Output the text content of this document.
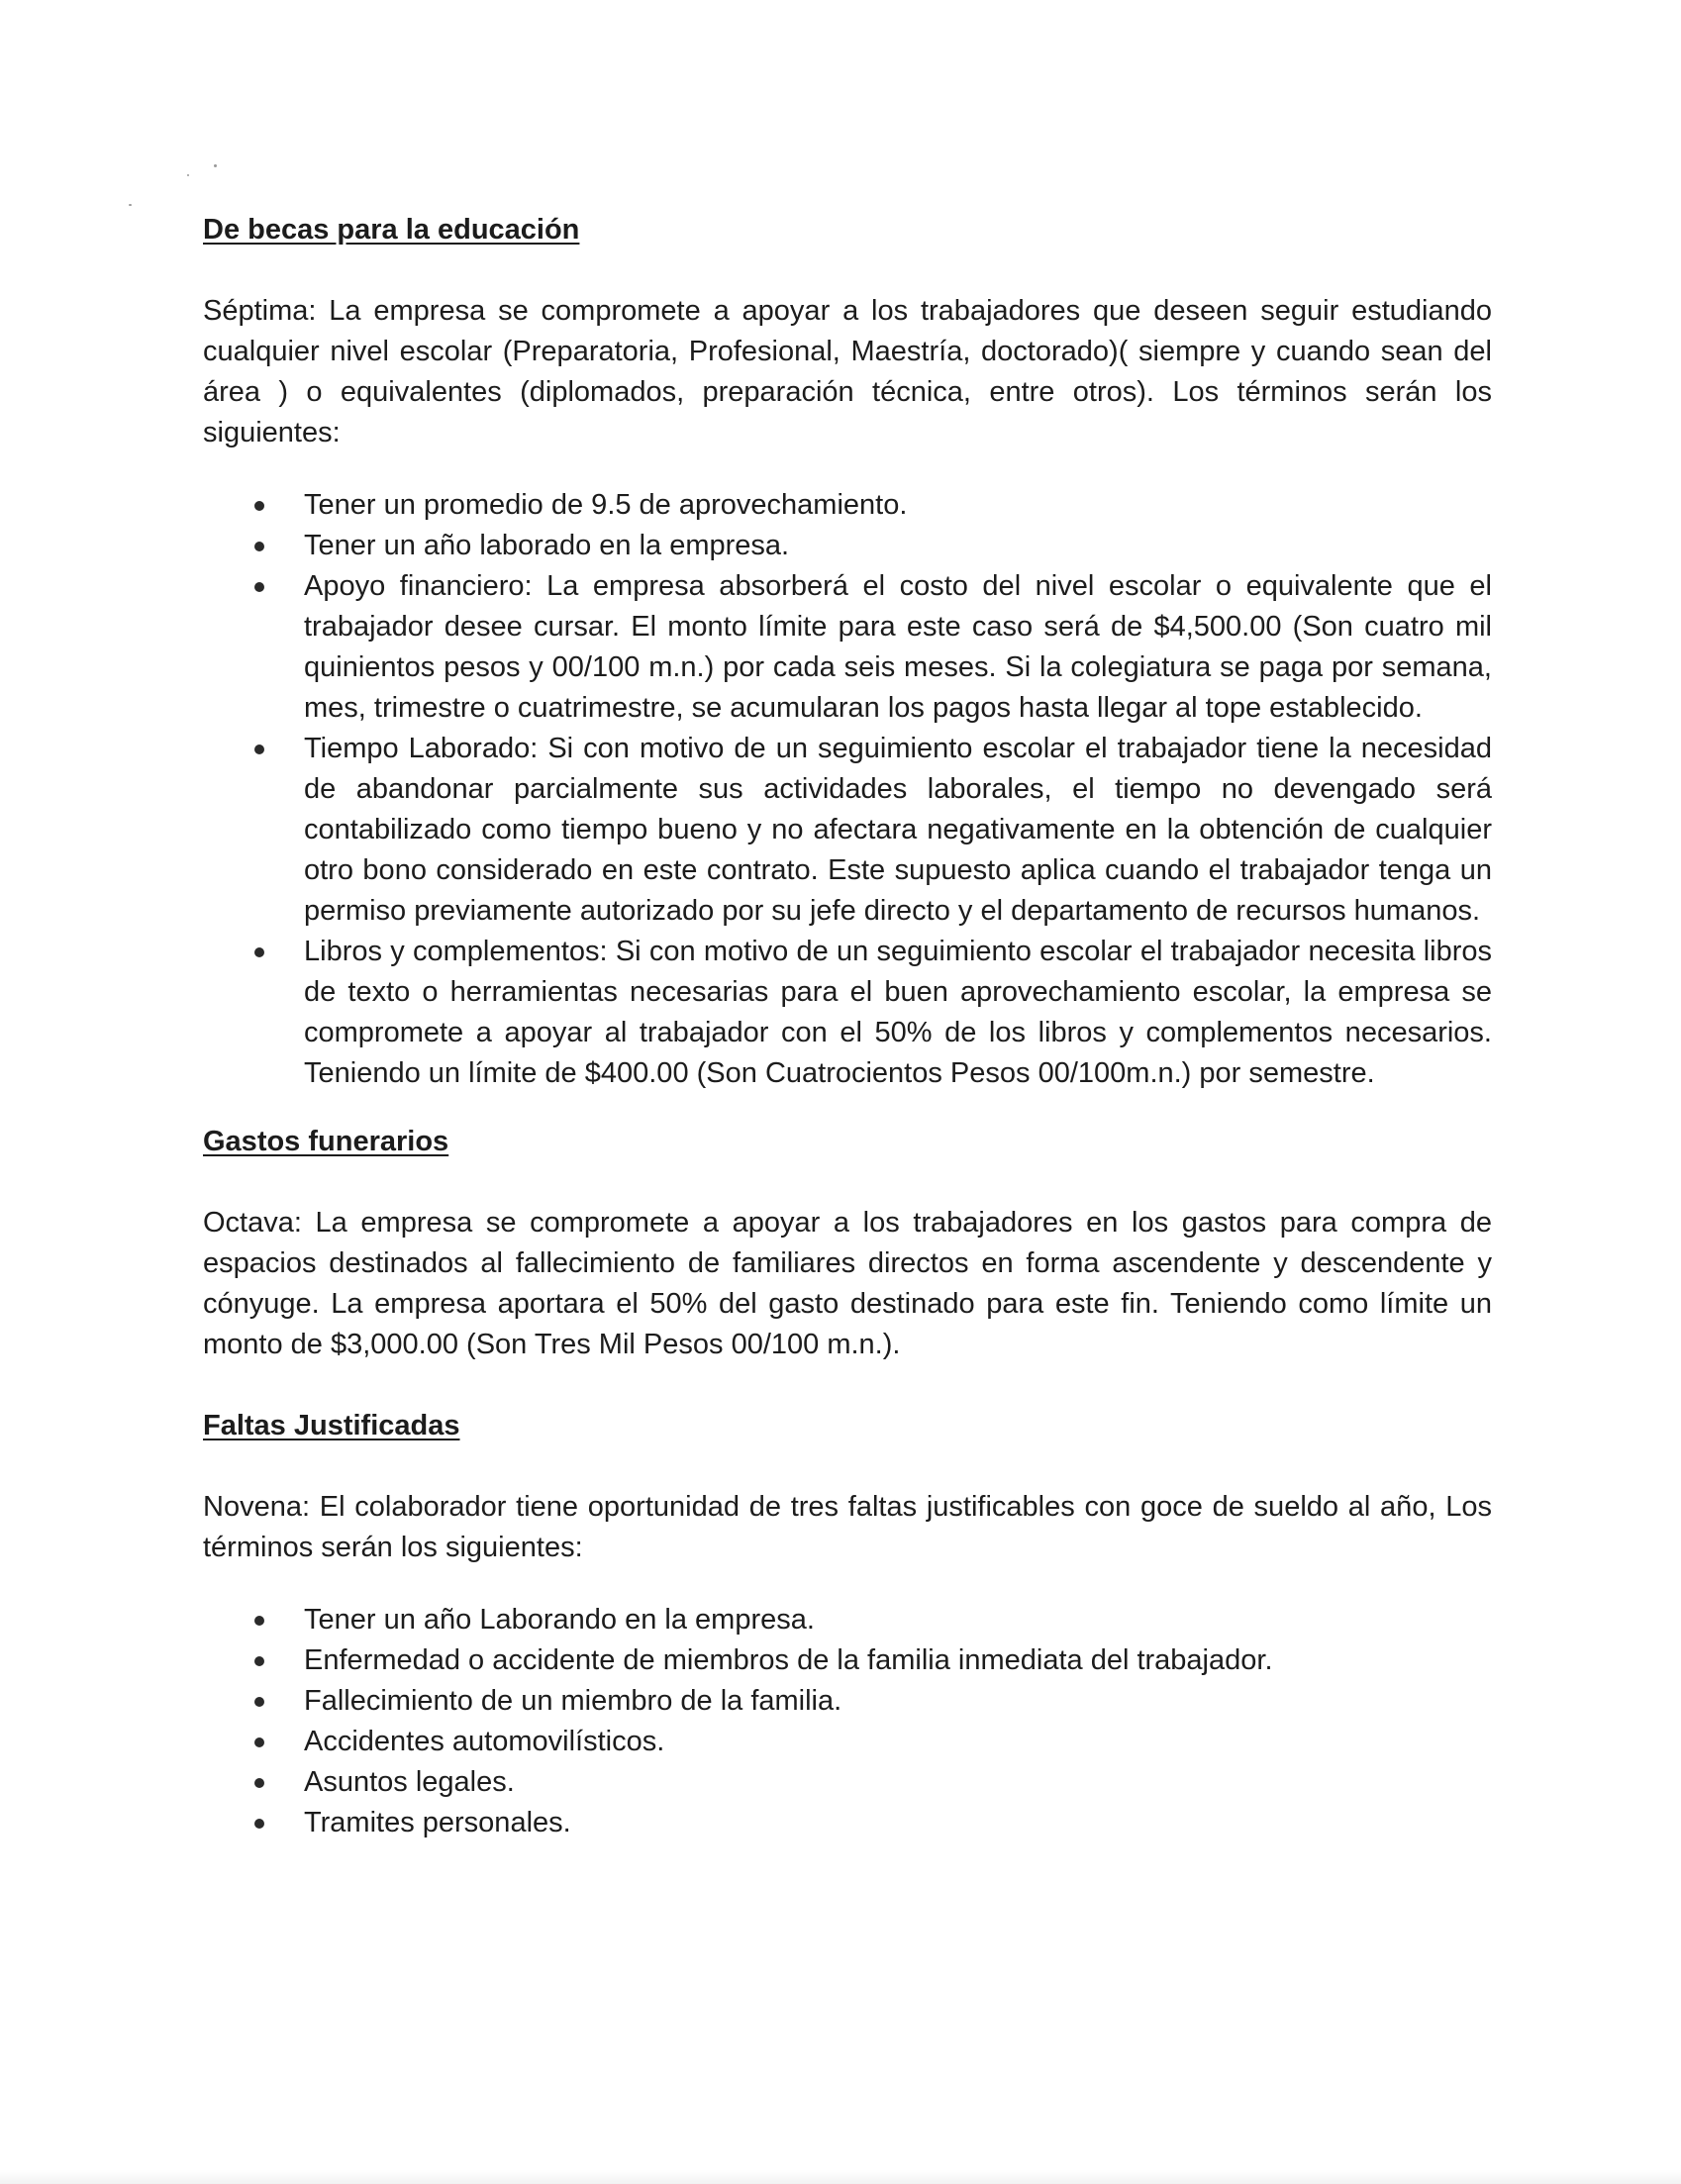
De becas para la educación

Séptima: La empresa se compromete a apoyar a los trabajadores que deseen seguir estudiando cualquier nivel escolar (Preparatoria, Profesional, Maestría, doctorado)( siempre y cuando sean del área ) o equivalentes (diplomados, preparación técnica, entre otros). Los términos serán los siguientes:

Tener un promedio de 9.5 de aprovechamiento.
Tener un año laborado en la empresa.
Apoyo financiero: La empresa absorberá el costo del nivel escolar o equivalente que el trabajador desee cursar. El monto límite para este caso será de $4,500.00 (Son cuatro mil quinientos pesos y 00/100 m.n.) por cada seis meses. Si la colegiatura se paga por semana, mes, trimestre o cuatrimestre, se acumularan los pagos hasta llegar al tope establecido.
Tiempo Laborado: Si con motivo de un seguimiento escolar el trabajador tiene la necesidad de abandonar parcialmente sus actividades laborales, el tiempo no devengado será contabilizado como tiempo bueno y no afectara negativamente en la obtención de cualquier otro bono considerado en este contrato. Este supuesto aplica cuando el trabajador tenga un permiso previamente autorizado por su jefe directo y el departamento de recursos humanos.
Libros y complementos: Si con motivo de un seguimiento escolar el trabajador necesita libros de texto o herramientas necesarias para el buen aprovechamiento escolar, la empresa se compromete a apoyar al trabajador con el 50% de los libros y complementos necesarios. Teniendo un límite de $400.00 (Son Cuatrocientos Pesos 00/100m.n.) por semestre.
Gastos funerarios

Octava: La empresa se compromete a apoyar a los trabajadores en los gastos para compra de espacios destinados al fallecimiento de familiares directos en forma ascendente y descendente y cónyuge. La empresa aportara el 50% del gasto destinado para este fin. Teniendo como límite un monto de $3,000.00 (Son Tres Mil Pesos 00/100 m.n.).

Faltas Justificadas

Novena: El colaborador tiene oportunidad de tres faltas justificables con goce de sueldo al año, Los términos serán los siguientes:

Tener un año Laborando en la empresa.
Enfermedad o accidente de miembros de la familia inmediata del trabajador.
Fallecimiento de un miembro de la familia.
Accidentes automovilísticos.
Asuntos legales.
Tramites personales.
